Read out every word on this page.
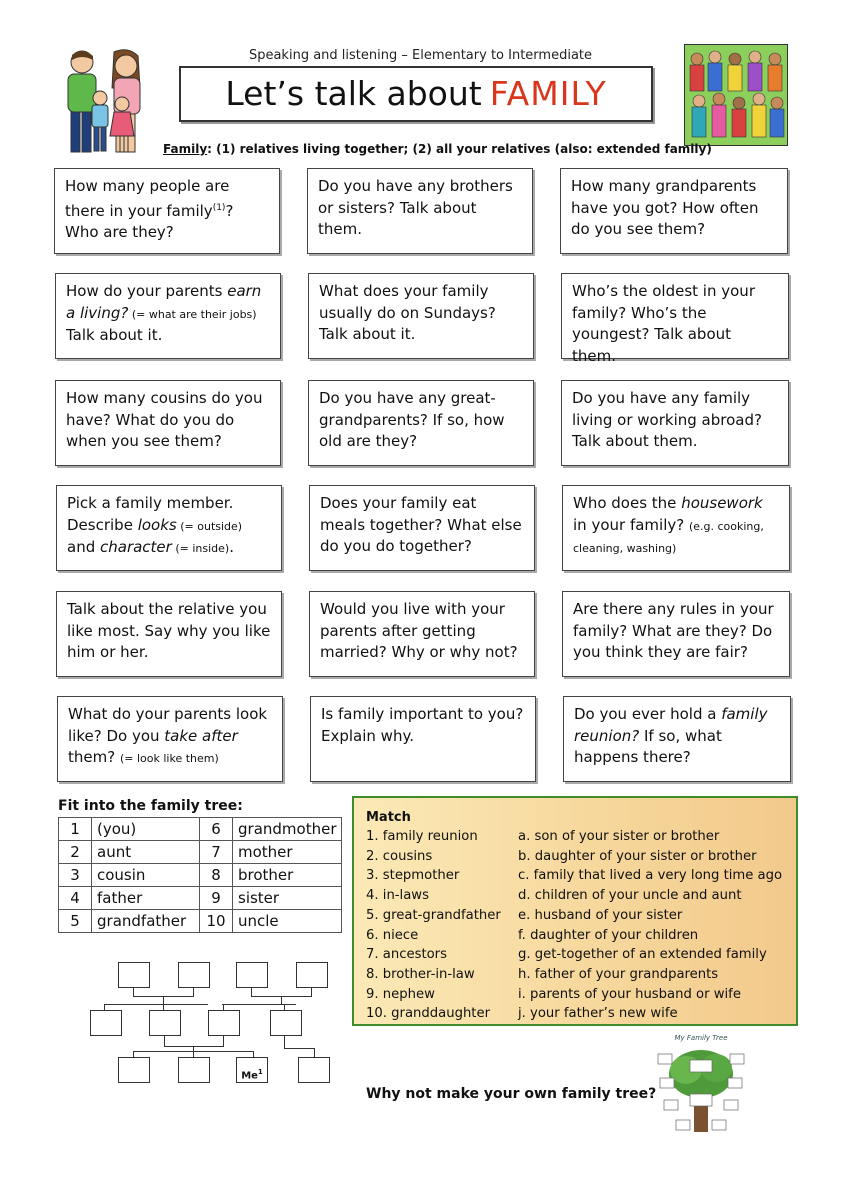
Speaking and listening – Elementary to Intermediate
Let’s talk about FAMILY
Family: (1) relatives living together; (2) all your relatives (also: extended family)
How many people are there in your family$^{(1)}$? Who are they?
Do you have any brothers or sisters? Talk about them.
How many grandparents have you got? How often do you see them?
How do your parents earn a living? (= what are their jobs) Talk about it.
What does your family usually do on Sundays? Talk about it.
Who’s the oldest in your family? Who’s the youngest? Talk about them.
How many cousins do you have? What do you do when you see them?
Do you have any great-grandparents? If so, how old are they?
Do you have any family living or working abroad? Talk about them.
Pick a family member. Describe looks (= outside) and character (= inside).
Does your family eat meals together? What else do you do together?
Who does the housework in your family? (e.g. cooking, cleaning, washing)
Talk about the relative you like most. Say why you like him or her.
Would you live with your parents after getting married? Why or why not?
Are there any rules in your family? What are they? Do you think they are fair?
What do your parents look like? Do you take after them? (= look like them)
Is family important to you? Explain why.
Do you ever hold a family reunion? If so, what happens there?
Fit into the family tree:
1	(you)	6	grandmother
2	aunt	7	mother
3	cousin	8	brother
4	father	9	sister
5	grandfather	10	uncle
Me$^1$
Match
1. family reunion
2. cousins
3. stepmother
4. in-laws
5. great-grandfather
6. niece
7. ancestors
8. brother-in-law
9. nephew
10. granddaughter
a. son of your sister or brother
b. daughter of your sister or brother
c. family that lived a very long time ago
d. children of your uncle and aunt
e. husband of your sister
f. daughter of your children
g. get-together of an extended family
h. father of your grandparents
i. parents of your husband or wife
j. your father’s new wife
Why not make your own family tree?
My Family Tree
